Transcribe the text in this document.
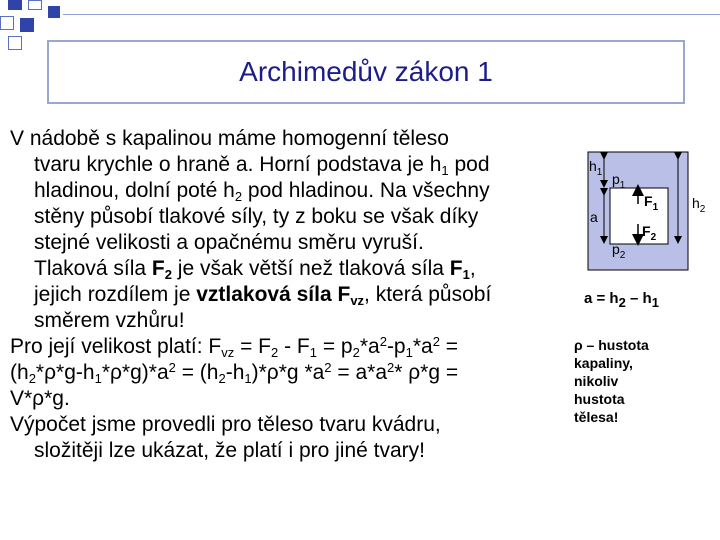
Archimedův zákon 1

V nádobě s kapalinou máme homogenní těleso

tvaru krychle o hraně a. Horní podstava je $h_1$ pod

hladinou, dolní poté $h_2$ pod hladinou. Na všechny

stěny působí tlakové síly, ty z boku se však díky

stejné velikosti a opačnému směru vyruší.

Tlaková síla $F_2$ je však větší než tlaková síla $F_1$,

jejich rozdílem je vztlaková síla $F_{vz}$, která působí

směrem vzhůru!

Pro její velikost platí: $F_{vz} = F_2 - F_1 = p_2*a^2-p_1*a^2$ =

$(h_2*\rho*g-h_1*\rho*g)*a^2 = (h_2-h_1)*\rho*g$ $*a^2 = a*a^2*$ ρ*g =

V*ρ*g.

Výpočet jsme provedli pro těleso tvaru kvádru,

složitěji lze ukázat, že platí i pro jiné tvary!

$h_1$ $p_1$
a
$F_1$
$F_2$
$p_2$
$h_2$
$a = h_2 - h_1$
ρ – hustota
kapaliny,
nikoliv
hustota
tělesa!
